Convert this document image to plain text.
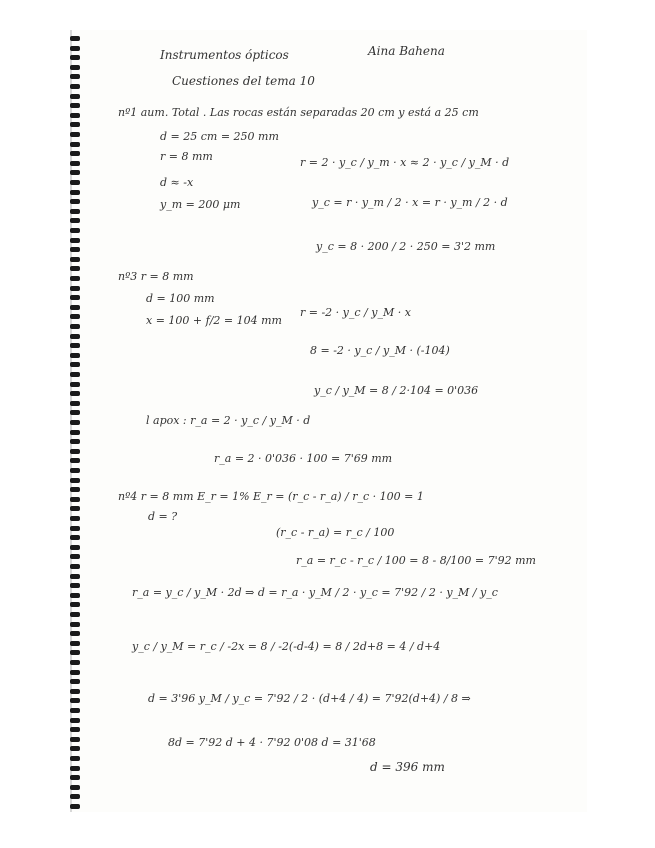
Instrumentos ópticos	Aina Bahena
Cuestiones del tema 10
nº1 aum. Total . Las rocas están separadas 20 cm y está a 25 cm
d = 25 cm = 250 mm
r = 8 mm
d ≈ -x
y_m = 200 μm
r = 2 · y_c / y_m · x ≈ 2 · y_c / y_M · d
y_c = r · y_m / 2 · x = r · y_m / 2 · d
y_c = 8 · 200 / 2 · 250 = 3'2 mm
nº3 r = 8 mm
d = 100 mm
x = 100 + f/2 = 104 mm
r = -2 · y_c / y_M · x
8 = -2 · y_c / y_M · (-104)
y_c / y_M = 8 / 2·104 = 0'036
l apox : r_a = 2 · y_c / y_M · d
r_a = 2 · 0'036 · 100 = 7'69 mm
nº4 r = 8 mm E_r = 1% E_r = (r_c - r_a) / r_c · 100 = 1
d = ?
(r_c - r_a) = r_c / 100
r_a = r_c - r_c / 100 = 8 - 8/100 = 7'92 mm
r_a = y_c / y_M · 2d ⇒ d = r_a · y_M / 2 · y_c = 7'92 / 2 · y_M / y_c
y_c / y_M = r_c / -2x = 8 / -2(-d-4) = 8 / 2d+8 = 4 / d+4
d = 3'96 y_M / y_c = 7'92 / 2 · (d+4 / 4) = 7'92(d+4) / 8 ⇒
8d = 7'92 d + 4 · 7'92 0'08 d = 31'68
d = 396 mm
